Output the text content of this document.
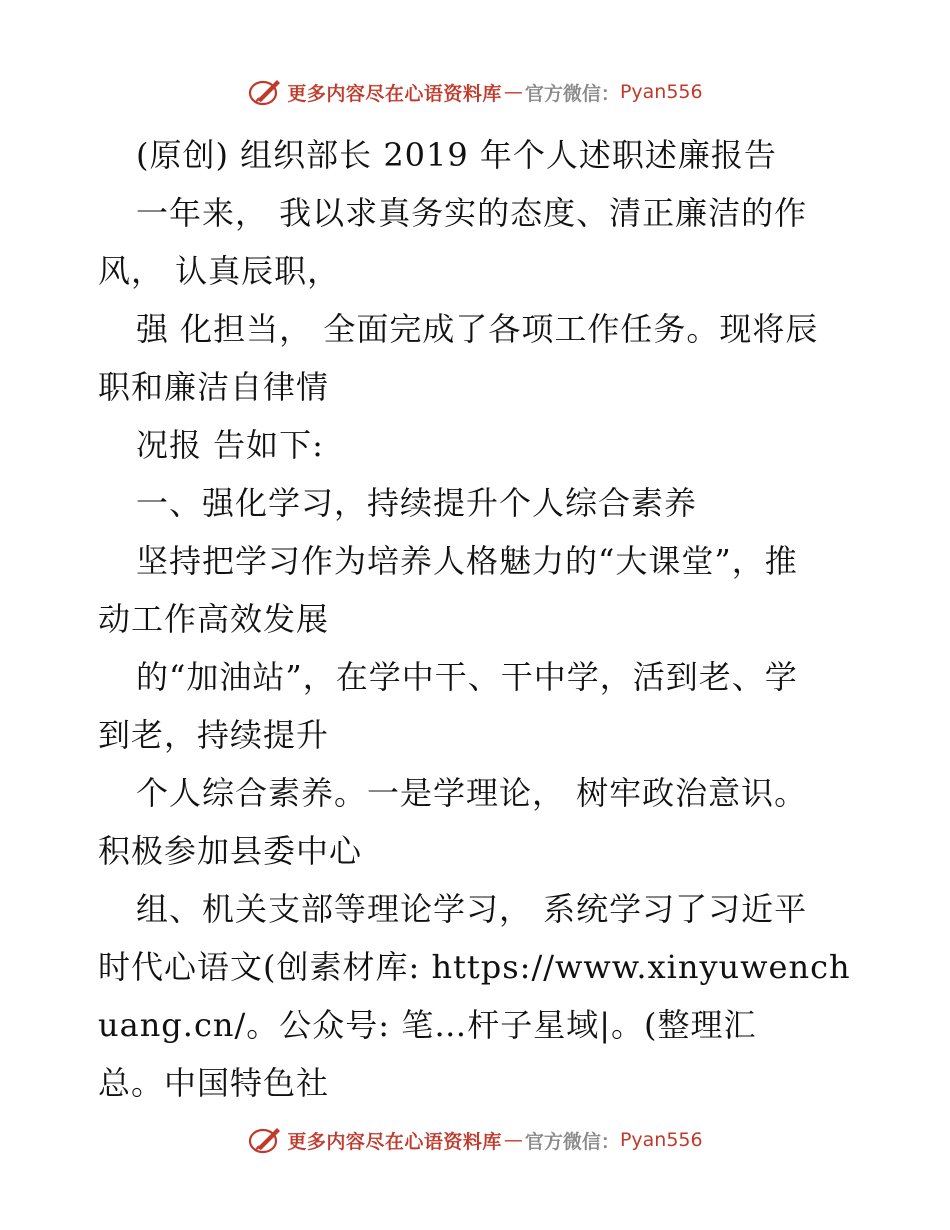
更多内容尽在心语资料库 — 官方微信： Pyan556
(原创) 组织部长 2019 年个人述职述廉报告
一年来， 我以求真务实的态度、清正廉洁的作
风， 认真辰职，
强 化担当， 全面完成了各项工作任务。现将辰
职和廉洁自律情
况报 告如下:
一、强化学习，持续提升个人综合素养
坚持把学习作为培养人格魅力的“大课堂”，推
动工作高效发展
的“加油站”，在学中干、干中学，活到老、学
到老，持续提升
个人综合素养。一是学理论， 树牢政治意识。
积极参加县委中心
组、机关支部等理论学习， 系统学习了习近平
时代心语文(创素材库: https://www.xinyuwench
uang.cn/。公众号: 笔…杆子星域|。(整理汇
总。中国特色社
更多内容尽在心语资料库 — 官方微信： Pyan556
